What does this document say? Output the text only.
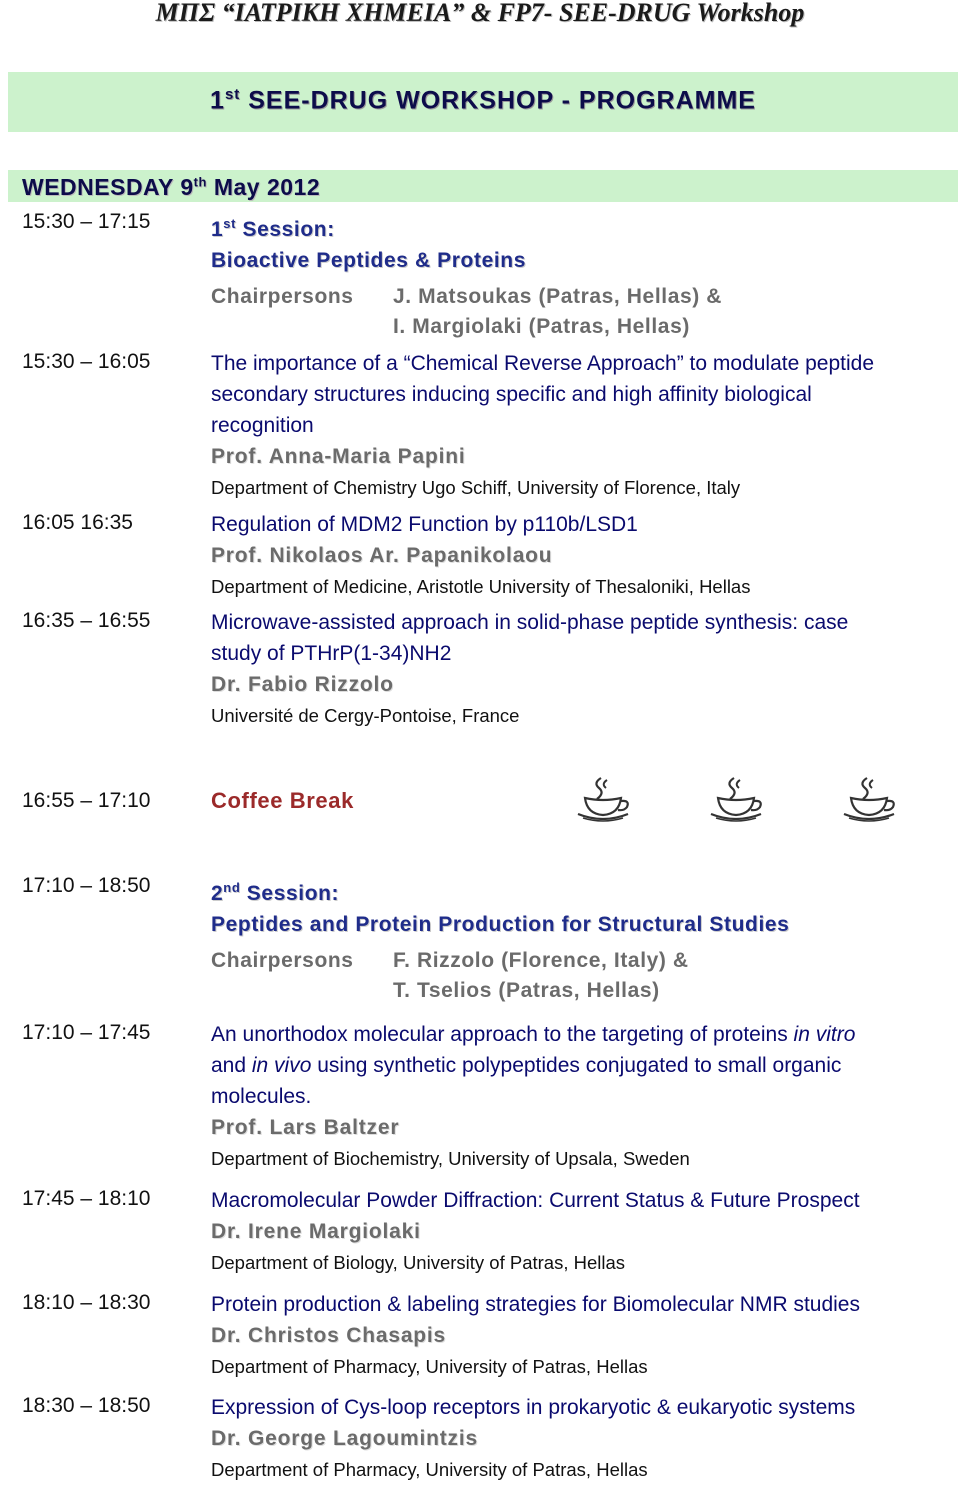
ΜΠΣ “ΙΑΤΡΙΚΗ ΧΗΜΕΙΑ” & FP7- SEE-DRUG Workshop
1st SEE-DRUG WORKSHOP - PROGRAMME
WEDNESDAY 9th May 2012
15:30 – 17:15	1st Session:
Bioactive Peptides & Proteins
Chairpersons J. Matsoukas (Patras, Hellas) &
I. Margiolaki (Patras, Hellas)
15:30 – 16:05	The importance of a “Chemical Reverse Approach” to modulate peptide
secondary structures inducing specific and high affinity biological
recognition
Prof. Anna-Maria Papini
Department of Chemistry Ugo Schiff, University of Florence, Italy
16:05 16:35	Regulation of MDM2 Function by p110b/LSD1
Prof. Nikolaos Ar. Papanikolaou
Department of Medicine, Aristotle University of Thesaloniki, Hellas
16:35 – 16:55	Microwave-assisted approach in solid-phase peptide synthesis: case
study of PTHrP(1-34)NH2
Dr. Fabio Rizzolo
Université de Cergy-Pontoise, France
16:55 – 17:10	Coffee Break
17:10 – 18:50	2nd Session:
Peptides and Protein Production for Structural Studies
Chairpersons F. Rizzolo (Florence, Italy) &
T. Tselios (Patras, Hellas)
17:10 – 17:45	An unorthodox molecular approach to the targeting of proteins in vitro
and in vivo using synthetic polypeptides conjugated to small organic
molecules.
Prof. Lars Baltzer
Department of Biochemistry, University of Upsala, Sweden
17:45 – 18:10	Macromolecular Powder Diffraction: Current Status & Future Prospect
Dr. Irene Margiolaki
Department of Biology, University of Patras, Hellas
18:10 – 18:30	Protein production & labeling strategies for Biomolecular NMR studies
Dr. Christos Chasapis
Department of Pharmacy, University of Patras, Hellas
18:30 – 18:50	Expression of Cys-loop receptors in prokaryotic & eukaryotic systems
Dr. George Lagoumintzis
Department of Pharmacy, University of Patras, Hellas
